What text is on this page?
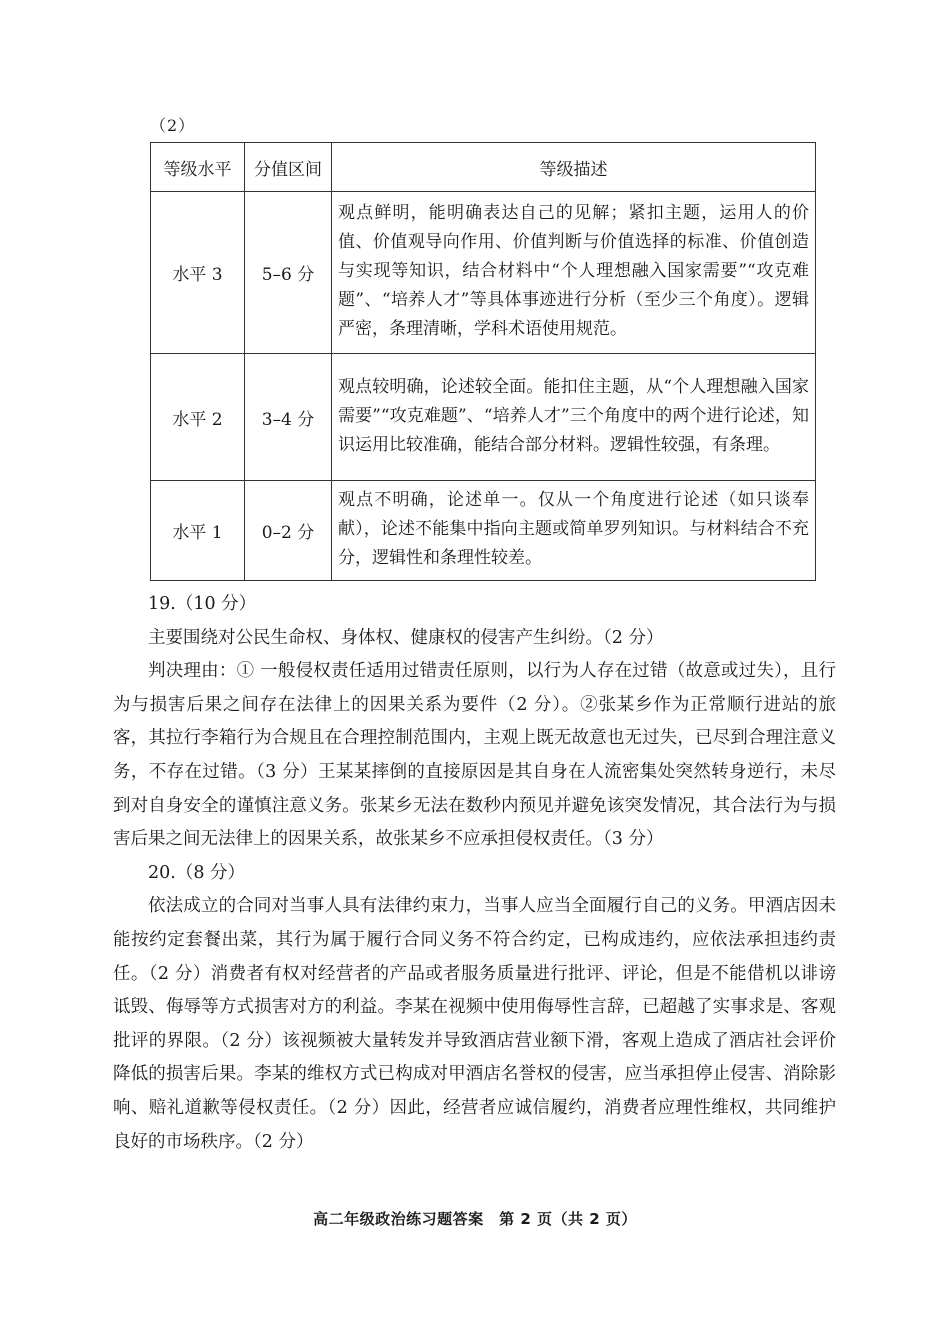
（2）
等级水平	分值区间	等级描述
水平 3	5–6 分	观点鲜明，能明确表达自己的见解；紧扣主题，运用人的价值、价值观导向作用、价值判断与价值选择的标准、价值创造与实现等知识，结合材料中“个人理想融入国家需要”“攻克难题”、“培养人才”等具体事迹进行分析（至少三个角度）。逻辑严密，条理清晰，学科术语使用规范。
水平 2	3–4 分	观点较明确，论述较全面。能扣住主题，从“个人理想融入国家需要”“攻克难题”、“培养人才”三个角度中的两个进行论述，知识运用比较准确，能结合部分材料。逻辑性较强，有条理。
水平 1	0–2 分	观点不明确，论述单一。仅从一个角度进行论述（如只谈奉献），论述不能集中指向主题或简单罗列知识。与材料结合不充分，逻辑性和条理性较差。

19.（10 分）

主要围绕对公民生命权、身体权、健康权的侵害产生纠纷。（2 分）

判决理由：① 一般侵权责任适用过错责任原则，以行为人存在过错（故意或过失），且行为与损害后果之间存在法律上的因果关系为要件（2 分）。②张某乡作为正常顺行进站的旅客，其拉行李箱行为合规且在合理控制范围内，主观上既无故意也无过失，已尽到合理注意义务，不存在过错。（3 分）王某某摔倒的直接原因是其自身在人流密集处突然转身逆行，未尽到对自身安全的谨慎注意义务。张某乡无法在数秒内预见并避免该突发情况，其合法行为与损害后果之间无法律上的因果关系，故张某乡不应承担侵权责任。（3 分）

20.（8 分）

依法成立的合同对当事人具有法律约束力，当事人应当全面履行自己的义务。甲酒店因未能按约定套餐出菜，其行为属于履行合同义务不符合约定，已构成违约，应依法承担违约责任。（2 分）消费者有权对经营者的产品或者服务质量进行批评、评论，但是不能借机以诽谤诋毁、侮辱等方式损害对方的利益。李某在视频中使用侮辱性言辞，已超越了实事求是、客观批评的界限。（2 分）该视频被大量转发并导致酒店营业额下滑，客观上造成了酒店社会评价降低的损害后果。李某的维权方式已构成对甲酒店名誉权的侵害，应当承担停止侵害、消除影响、赔礼道歉等侵权责任。（2 分）因此，经营者应诚信履约，消费者应理性维权，共同维护良好的市场秩序。（2 分）

高二年级政治练习题答案　第 2 页（共 2 页）
